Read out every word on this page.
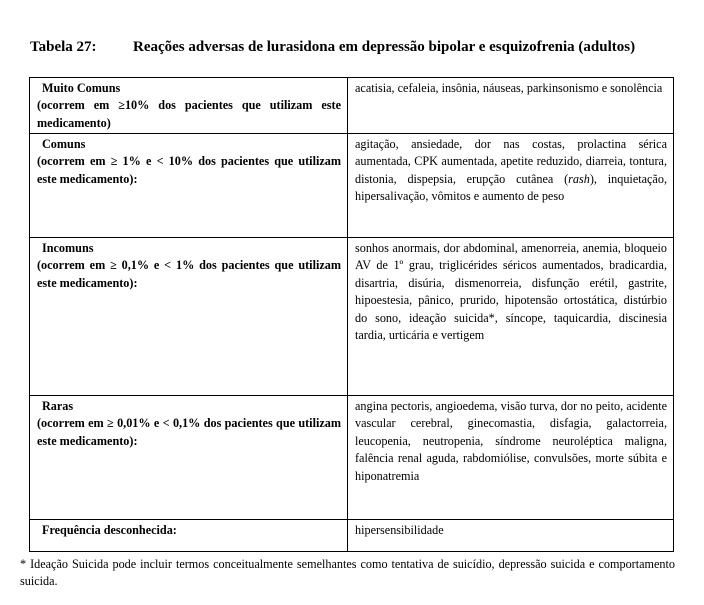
Tabela 27: Reações adversas de lurasidona em depressão bipolar e esquizofrenia (adultos)
Muito Comuns
(ocorrem em ≥10% dos pacientes que utilizam este medicamento)	acatisia, cefaleia, insônia, náuseas, parkinsonismo e sonolência

Comuns
(ocorrem em ≥ 1% e < 10% dos pacientes que utilizam este medicamento):	agitação, ansiedade, dor nas costas, prolactina sérica aumentada, CPK aumentada, apetite reduzido, diarreia, tontura, distonia, dispepsia, erupção cutânea (rash), inquietação, hipersalivação, vômitos e aumento de peso

Incomuns
(ocorrem em ≥ 0,1% e < 1% dos pacientes que utilizam este medicamento):	sonhos anormais, dor abdominal, amenorreia, anemia, bloqueio AV de 1º grau, triglicérides séricos aumentados, bradicardia, disartria, disúria, dismenorreia, disfunção erétil, gastrite, hipoestesia, pânico, prurido, hipotensão ortostática, distúrbio do sono, ideação suicida*, síncope, taquicardia, discinesia tardia, urticária e vertigem

Raras
(ocorrem em ≥ 0,01% e < 0,1% dos pacientes que utilizam este medicamento):	angina pectoris, angioedema, visão turva, dor no peito, acidente vascular cerebral, ginecomastia, disfagia, galactorreia, leucopenia, neutropenia, síndrome neuroléptica maligna, falência renal aguda, rabdomiólise, convulsões, morte súbita e hiponatremia

Frequência desconhecida:	hipersensibilidade
* Ideação Suicida pode incluir termos conceitualmente semelhantes como tentativa de suicídio, depressão suicida e comportamento suicida.
